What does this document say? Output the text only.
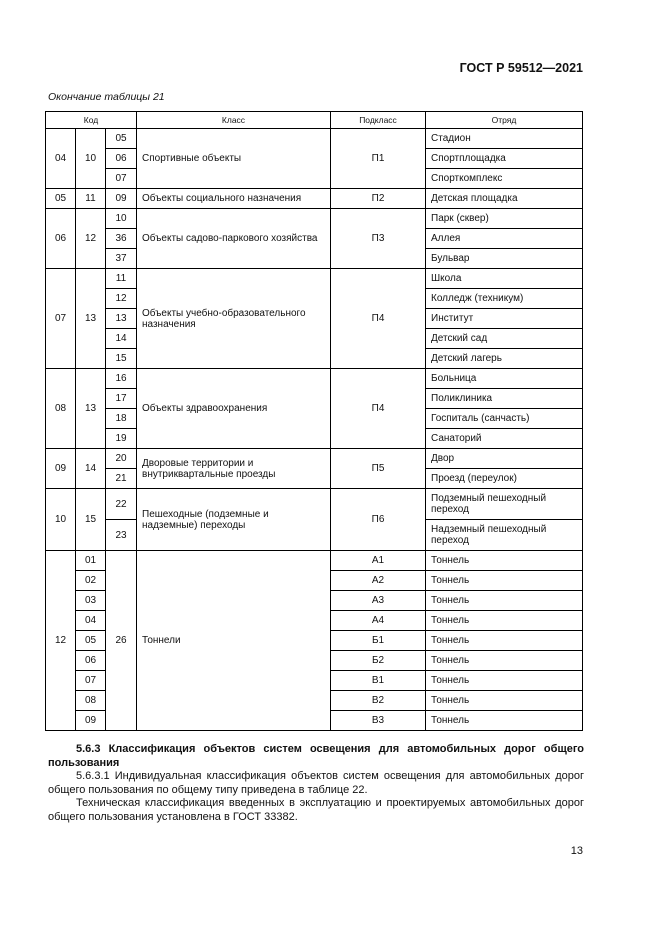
ГОСТ Р 59512—2021
Окончание таблицы 21
Код			Класс	Подкласс	Отряд
04	10	05	Спортивные объекты	П1	Стадион
		06			Спортплощадка
		07			Спорткомплекс
05	11	09	Объекты социального назначения	П2	Детская площадка
06	12	10	Объекты садово-паркового хозяйства	П3	Парк (сквер)
		36			Аллея
		37			Бульвар
07	13	11	Объекты учебно-образовательного назначения	П4	Школа
		12			Колледж (техникум)
		13			Институт
		14			Детский сад
		15			Детский лагерь
08	13	16	Объекты здравоохранения	П4	Больница
		17			Поликлиника
		18			Госпиталь (санчасть)
		19			Санаторий
09	14	20	Дворовые территории и внутриквартальные проезды	П5	Двор
		21			Проезд (переулок)
10	15	22	Пешеходные (подземные и надземные) переходы	П6	Подземный пешеходный переход
		23			Надземный пешеходный переход
12	01	26	Тоннели	А1	Тоннель
	02			А2	Тоннель
	03			А3	Тоннель
	04			А4	Тоннель
	05			Б1	Тоннель
	06			Б2	Тоннель
	07			В1	Тоннель
	08			В2	Тоннель
	09			В3	Тоннель

5.6.3 Классификация объектов систем освещения для автомобильных дорог общего пользования

5.6.3.1 Индивидуальная классификация объектов систем освещения для автомобильных дорог общего пользования по общему типу приведена в таблице 22.

Техническая классификация введенных в эксплуатацию и проектируемых автомобильных дорог общего пользования установлена в ГОСТ 33382.

13
